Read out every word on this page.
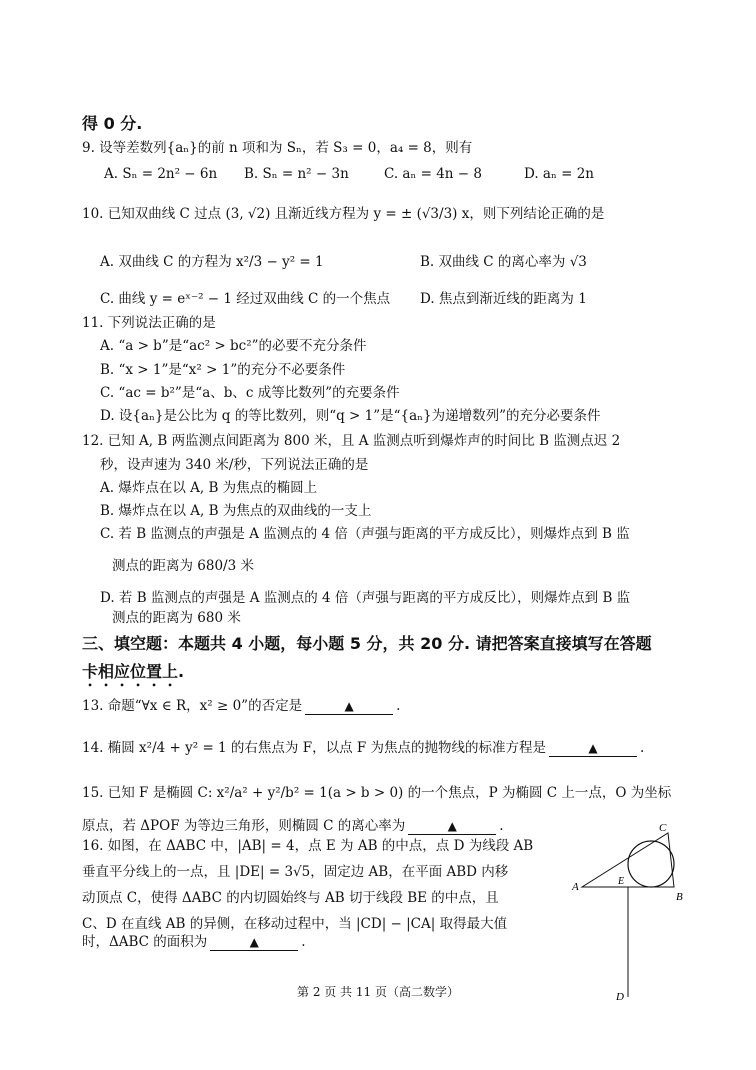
得 0 分.
9. 设等差数列{aₙ}的前 n 项和为 Sₙ，若 S₃ = 0，a₄ = 8，则有
A. Sₙ = 2n² − 6n B. Sₙ = n² − 3n	C. aₙ = 4n − 8	D. aₙ = 2n
10. 已知双曲线 C 过点 (3, √2) 且渐近线方程为 y = ± (√3/3) x，则下列结论正确的是
A. 双曲线 C 的方程为 x²/3 − y² = 1	B. 双曲线 C 的离心率为 √3
C. 曲线 y = eˣ⁻² − 1 经过双曲线 C 的一个焦点 D. 焦点到渐近线的距离为 1
11. 下列说法正确的是
A. “a > b”是“ac² > bc²”的必要不充分条件
B. “x > 1”是“x² > 1”的充分不必要条件
C. “ac = b²”是“a、b、c 成等比数列”的充要条件
D. 设{aₙ}是公比为 q 的等比数列，则“q > 1”是“{aₙ}为递增数列”的充分必要条件
12. 已知 A, B 两监测点间距离为 800 米，且 A 监测点听到爆炸声的时间比 B 监测点迟 2
秒，设声速为 340 米/秒，下列说法正确的是
A. 爆炸点在以 A, B 为焦点的椭圆上
B. 爆炸点在以 A, B 为焦点的双曲线的一支上
C. 若 B 监测点的声强是 A 监测点的 4 倍（声强与距离的平方成反比），则爆炸点到 B 监
测点的距离为 680/3 米
D. 若 B 监测点的声强是 A 监测点的 4 倍（声强与距离的平方成反比），则爆炸点到 B 监
测点的距离为 680 米
三、填空题：本题共 4 小题，每小题 5 分，共 20 分. 请把答案直接填写在答题
卡相应位置上.
13. 命题“∀x ∈ R，x² ≥ 0”的否定是	▲	.
14. 椭圆 x²/4 + y² = 1 的右焦点为 F，以点 F 为焦点的抛物线的标准方程是	▲	.
15. 已知 F 是椭圆 C: x²/a² + y²/b² = 1(a > b > 0) 的一个焦点，P 为椭圆 C 上一点，O 为坐标
原点，若 ΔPOF 为等边三角形，则椭圆 C 的离心率为	▲	.
16. 如图，在 ΔABC 中，|AB| = 4，点 E 为 AB 的中点，点 D 为线段 AB
垂直平分线上的一点，且 |DE| = 3√5，固定边 AB，在平面 ABD 内移
动顶点 C，使得 ΔABC 的内切圆始终与 AB 切于线段 BE 的中点，且
C、D 在直线 AB 的异侧，在移动过程中，当 |CD| − |CA| 取得最大值
时，ΔABC 的面积为	▲	.
A
B
C
E
D
第 2 页 共 11 页（高二数学）
